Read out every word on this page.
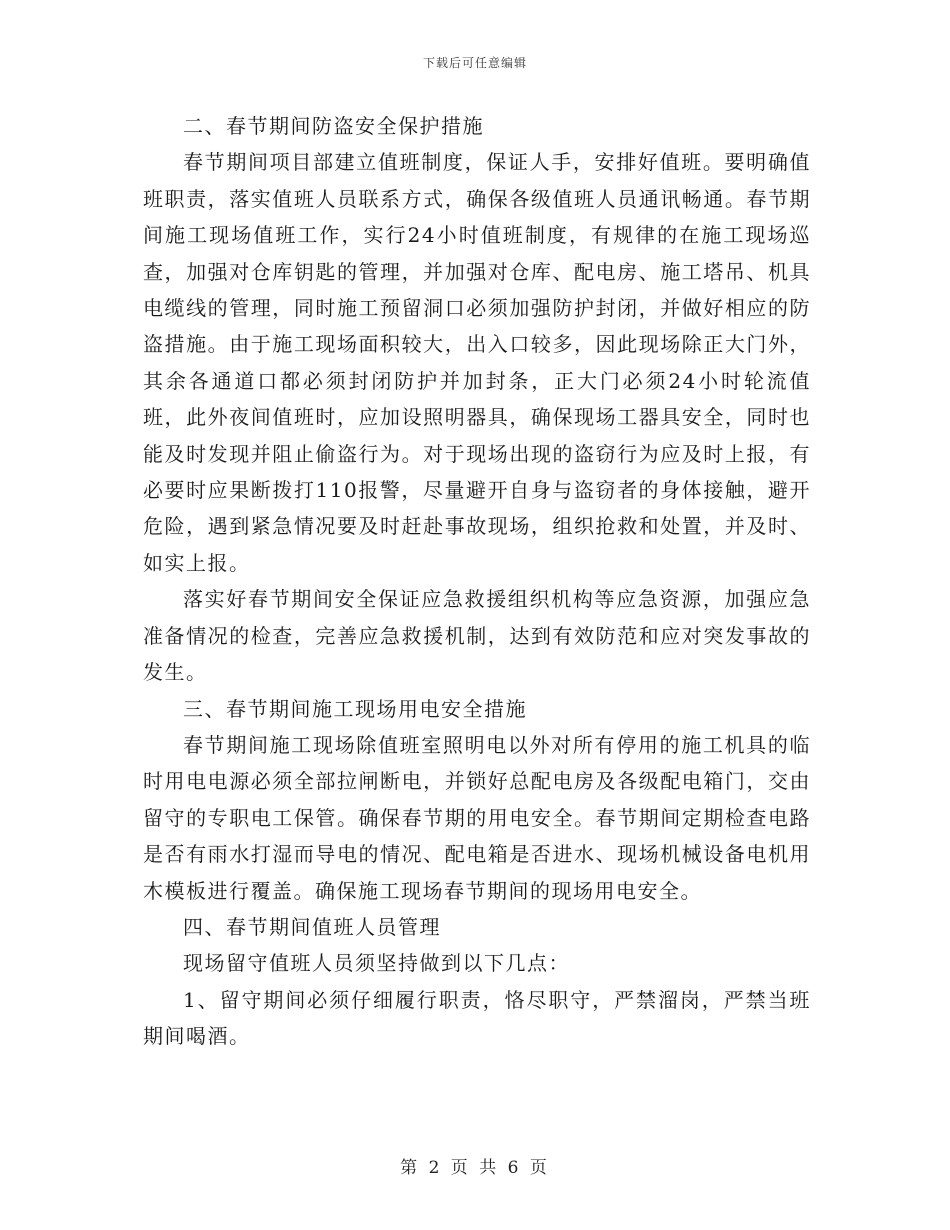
下载后可任意编辑

二、春节期间防盗安全保护措施

春节期间项目部建立值班制度，保证人手，安排好值班。要明确值班职责，落实值班人员联系方式，确保各级值班人员通讯畅通。春节期间施工现场值班工作，实行24小时值班制度，有规律的在施工现场巡查，加强对仓库钥匙的管理，并加强对仓库、配电房、施工塔吊、机具电缆线的管理，同时施工预留洞口必须加强防护封闭，并做好相应的防盗措施。由于施工现场面积较大，出入口较多，因此现场除正大门外，其余各通道口都必须封闭防护并加封条，正大门必须24小时轮流值班，此外夜间值班时，应加设照明器具，确保现场工器具安全，同时也能及时发现并阻止偷盗行为。对于现场出现的盗窃行为应及时上报，有必要时应果断拨打110报警，尽量避开自身与盗窃者的身体接触，避开危险，遇到紧急情况要及时赶赴事故现场，组织抢救和处置，并及时、如实上报。

落实好春节期间安全保证应急救援组织机构等应急资源，加强应急准备情况的检查，完善应急救援机制，达到有效防范和应对突发事故的发生。

三、春节期间施工现场用电安全措施

春节期间施工现场除值班室照明电以外对所有停用的施工机具的临时用电电源必须全部拉闸断电，并锁好总配电房及各级配电箱门，交由留守的专职电工保管。确保春节期的用电安全。春节期间定期检查电路是否有雨水打湿而导电的情况、配电箱是否进水、现场机械设备电机用木模板进行覆盖。确保施工现场春节期间的现场用电安全。

四、春节期间值班人员管理

现场留守值班人员须坚持做到以下几点：

1、留守期间必须仔细履行职责，恪尽职守，严禁溜岗，严禁当班期间喝酒。

第 2 页 共 6 页
